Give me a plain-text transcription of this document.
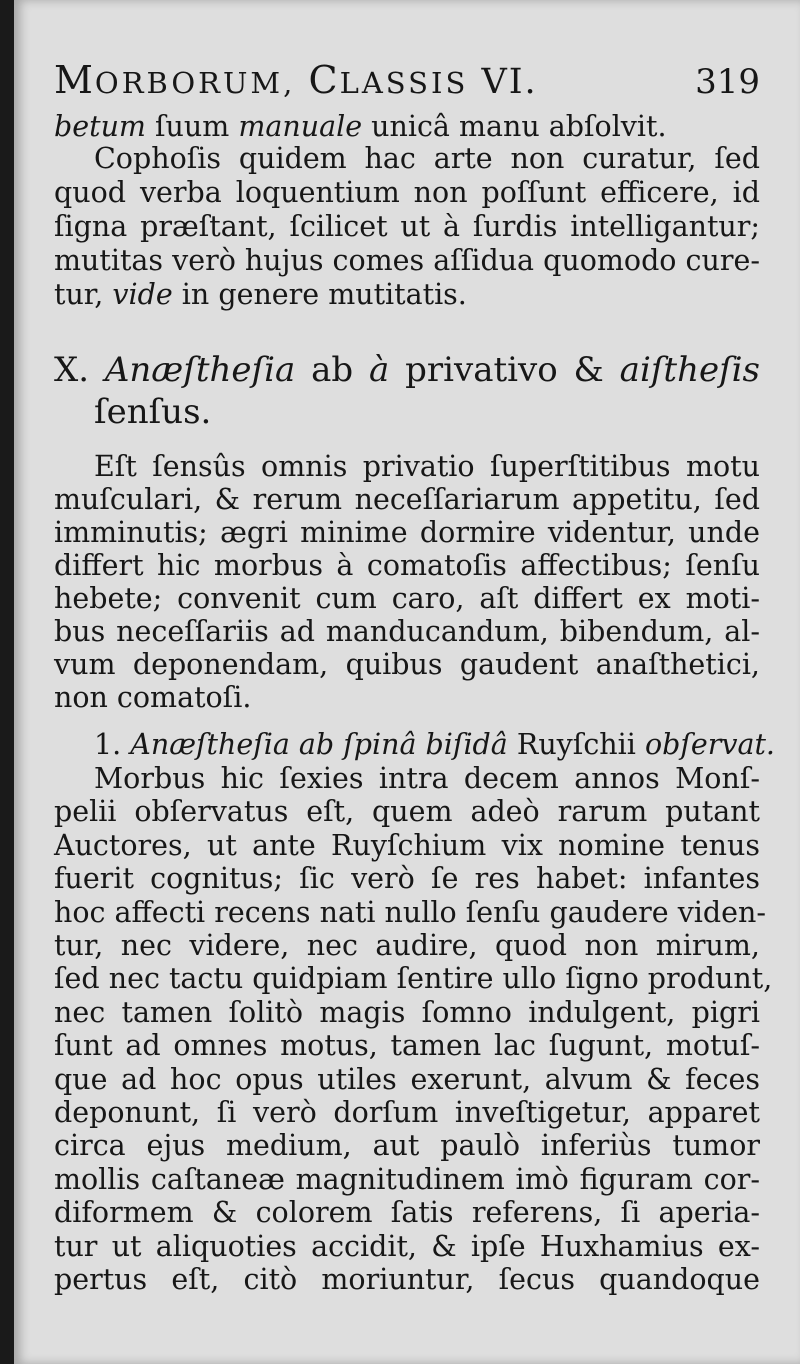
MORBORUM, CLASSIS VI.	319
betum ſuum manuale unicâ manu abſolvit.
Cophoſis quidem hac arte non curatur, ſed
quod verba loquentium non poſſunt efficere, id
ſigna præſtant, ſcilicet ut à ſurdis intelligantur;
mutitas verò hujus comes aſſidua quomodo cure-
tur, vide in genere mutitatis.
X. Anæſtheſia ab à privativo & aiſtheſis
ſenſus.
Eſt ſensûs omnis privatio ſuperſtitibus motu
muſculari, & rerum neceſſariarum appetitu, ſed
imminutis; ægri minime dormire videntur, unde
differt hic morbus à comatoſis affectibus; ſenſu
hebete; convenit cum caro, aſt differt ex moti-
bus neceſſariis ad manducandum, bibendum, al-
vum deponendam, quibus gaudent anaſthetici,
non comatoſi.
1. Anæſtheſia ab ſpinâ biſidâ Ruyſchii obſervat.
Morbus hic ſexies intra decem annos Monſ-
pelii obſervatus eſt, quem adeò rarum putant
Auctores, ut ante Ruyſchium vix nomine tenus
fuerit cognitus; ſic verò ſe res habet: infantes
hoc affecti recens nati nullo ſenſu gaudere viden-
tur, nec videre, nec audire, quod non mirum,
ſed nec tactu quidpiam ſentire ullo ſigno produnt,
nec tamen ſolitò magis ſomno indulgent, pigri
ſunt ad omnes motus, tamen lac ſugunt, motuſ-
que ad hoc opus utiles exerunt, alvum & feces
deponunt, ſi verò dorſum inveſtigetur, apparet
circa ejus medium, aut paulò inferiùs tumor
mollis caſtaneæ magnitudinem imò figuram cor-
diformem & colorem ſatis referens, ſi aperia-
tur ut aliquoties accidit, & ipſe Huxhamius ex-
pertus eſt, citò moriuntur, ſecus quandoque
